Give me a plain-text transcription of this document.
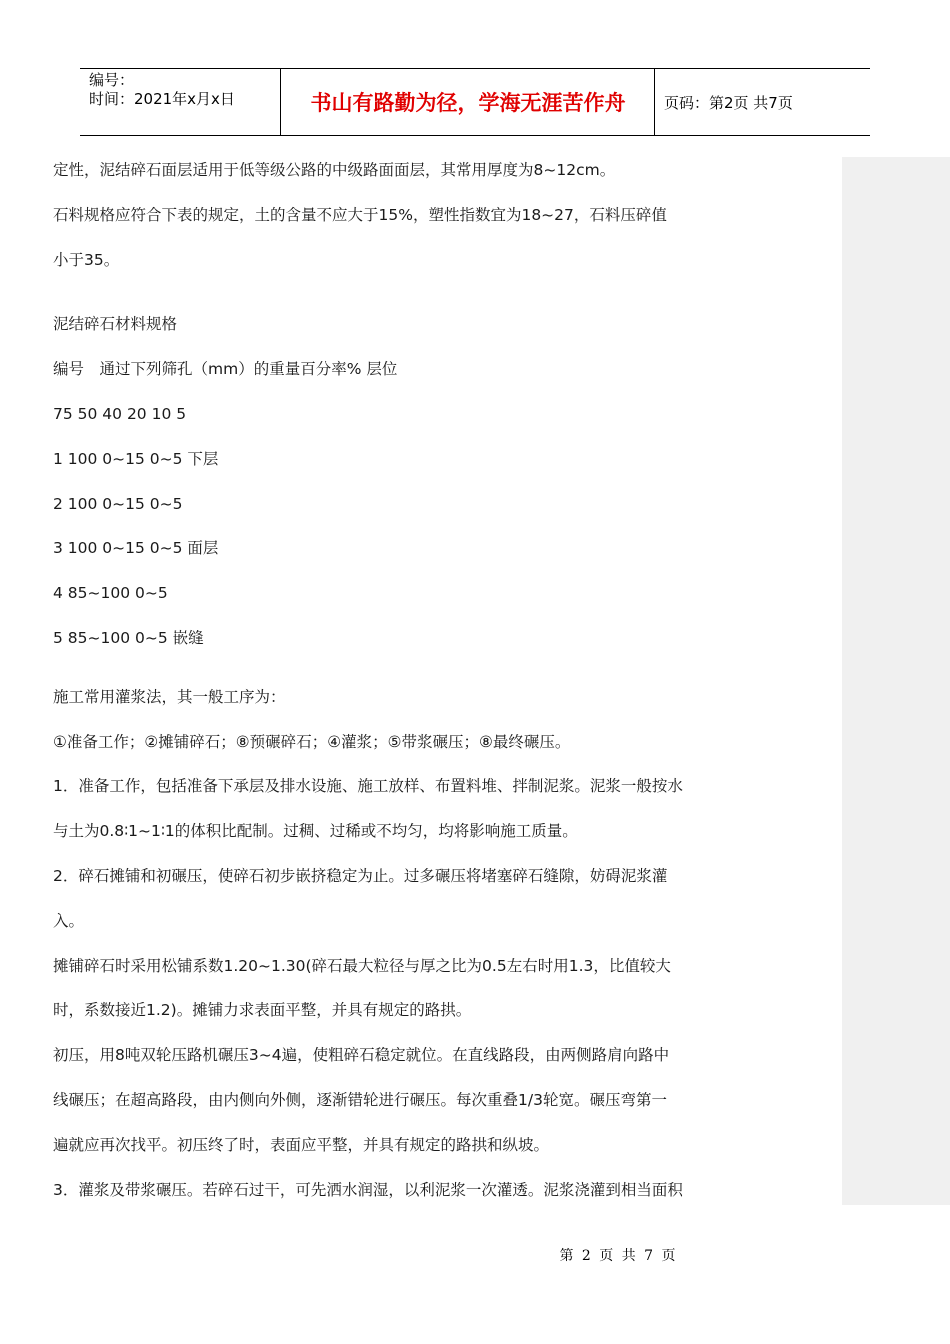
编号：
时间：2021年x月x日	书山有路勤为径，学海无涯苦作舟	页码：第2页 共7页

定性，泥结碎石面层适用于低等级公路的中级路面面层，其常用厚度为8~12cm。

石料规格应符合下表的规定，土的含量不应大于15%，塑性指数宜为18~27，石料压碎值

小于35。

泥结碎石材料规格

编号　通过下列筛孔（mm）的重量百分率% 层位

75 50 40 20 10 5

1 100 0~15 0~5 下层

2 100 0~15 0~5

3 100 0~15 0~5 面层

4 85~100 0~5

5 85~100 0~5 嵌缝

施工常用灌浆法，其一般工序为：

①准备工作；②摊铺碎石；⑧预碾碎石；④灌浆；⑤带浆碾压；⑧最终碾压。

1．准备工作，包括准备下承层及排水设施、施工放样、布置料堆、拌制泥浆。泥浆一般按水

与土为0.8∶1~1∶1的体积比配制。过稠、过稀或不均匀，均将影响施工质量。

2．碎石摊铺和初碾压，使碎石初步嵌挤稳定为止。过多碾压将堵塞碎石缝隙，妨碍泥浆灌

入。

摊铺碎石时采用松铺系数1.20~1.30(碎石最大粒径与厚之比为0.5左右时用1.3，比值较大

时，系数接近1.2)。摊铺力求表面平整，并具有规定的路拱。

初压，用8吨双轮压路机碾压3~4遍，使粗碎石稳定就位。在直线路段，由两侧路肩向路中

线碾压；在超高路段，由内侧向外侧，逐渐错轮进行碾压。每次重叠1/3轮宽。碾压弯第一

遍就应再次找平。初压终了时，表面应平整，并具有规定的路拱和纵坡。

3．灌浆及带浆碾压。若碎石过干，可先洒水润湿，以利泥浆一次灌透。泥浆浇灌到相当面积

第 2 页 共 7 页
